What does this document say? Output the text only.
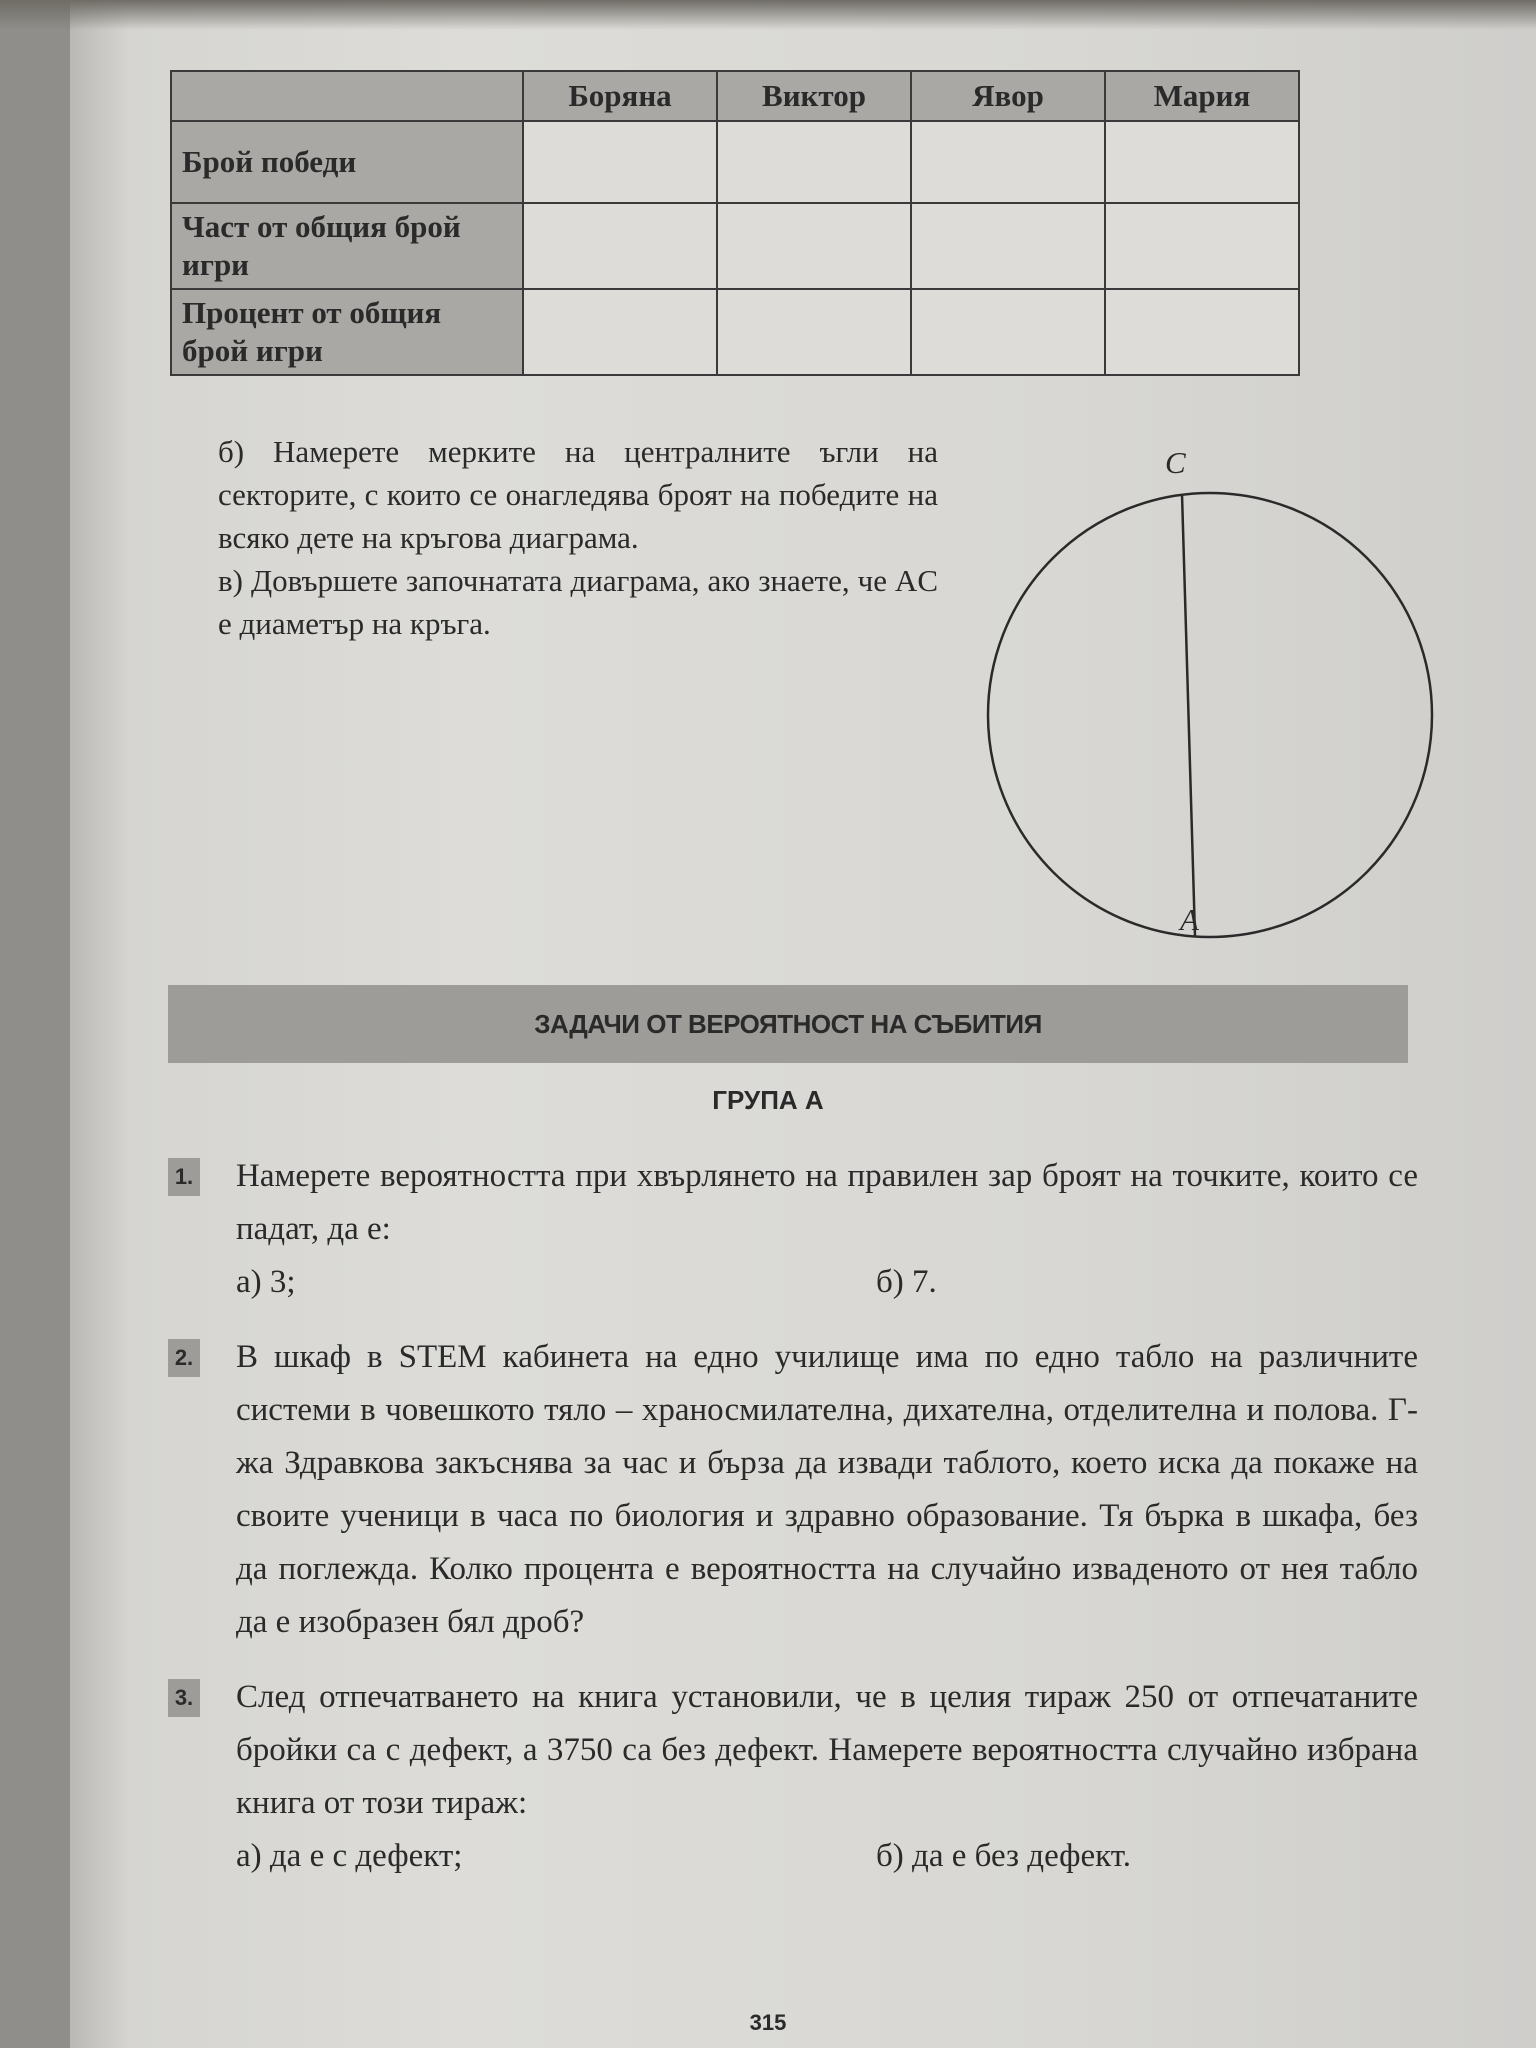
	Боряна	Виктор	Явор	Мария
Брой победи				
Част от общия брой игри				
Процент от общия брой игри				
б) Намерете мерките на централните ъгли на секторите, с които се онагледява броят на победите на всяко дете на кръгова диаграма.
в) Довършете започнатата диаграма, ако знаете, че AC е диаметър на кръга.
C
A
ЗАДАЧИ ОТ ВЕРОЯТНОСТ НА СЪБИТИЯ
ГРУПА А
1. Намерете вероятността при хвърлянето на правилен зар броят на точките, които се падат, да е:
а) 3;	б) 7.
2. В шкаф в STEM кабинета на едно училище има по едно табло на различните системи в човешкото тяло – храносмилателна, дихателна, отделителна и полова. Г-жа Здравкова закъснява за час и бърза да извади таблото, което иска да покаже на своите ученици в часа по биология и здравно образование. Тя бърка в шкафа, без да поглежда. Колко процента е вероятността на случайно изваденото от нея табло да е изобразен бял дроб?
3. След отпечатването на книга установили, че в целия тираж 250 от отпечатаните бройки са с дефект, а 3750 са без дефект. Намерете вероятността случайно избрана книга от този тираж:
а) да е с дефект;	б) да е без дефект.
315
